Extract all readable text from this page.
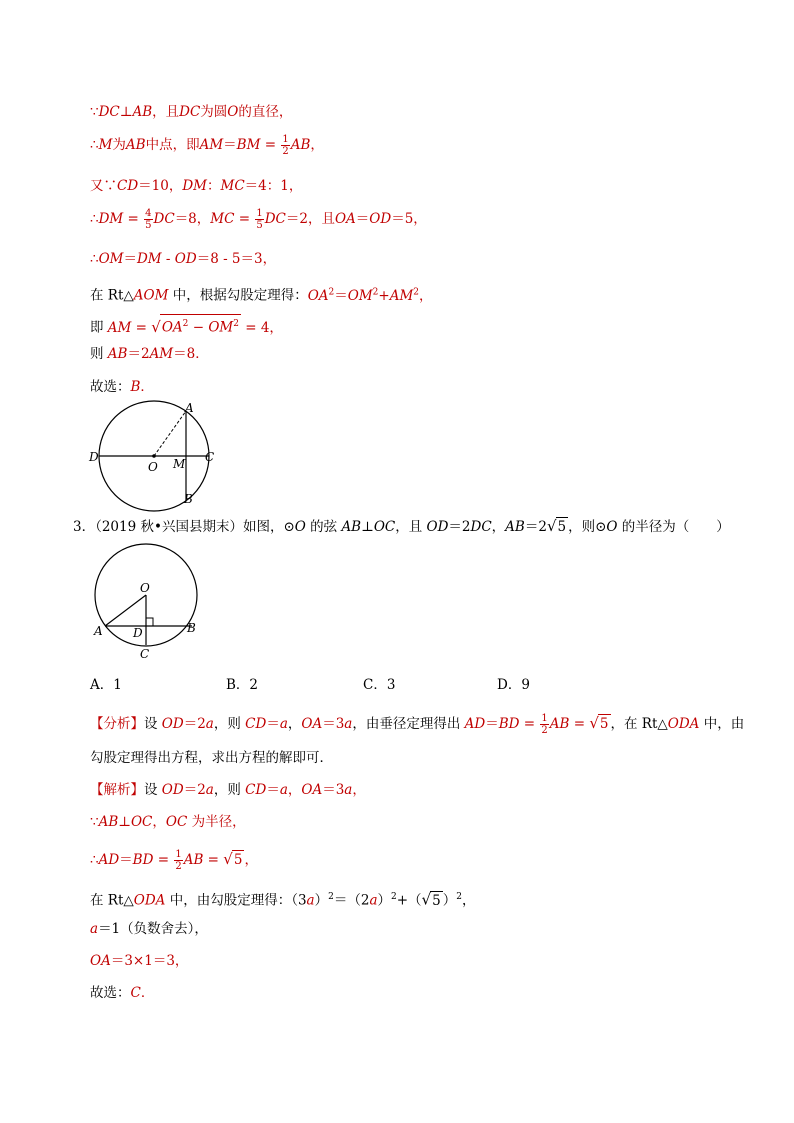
∵DC⊥AB，且DC为圆O的直径，
∴M为AB中点，即$AM=BM = \frac{1}{2}$ AB，
又∵CD＝10，DM：MC＝4：1，
∴DM = $\frac{4}{5} DC=8$，MC = $\frac{1}{5} DC=2$，且OA＝OD＝5，
∴OM＝DM - OD＝8 - 5＝3，
在 Rt△AOM 中，根据勾股定理得：$OA^2=OM^2+AM^2$，
即 AM = $√OA^2 - OM^2 = 4$，
则 AB＝2AM＝8．
故选：B．
A
B
C
D
O M
3．（2019 秋•兴国县期末）如图，⊙O 的弦 AB⊥OC，且 OD＝2DC，AB＝2√5 ，则⊙O 的半径为（　　）
O
A	B
C
D
A．1	B．2	C．3	D．9
【分析】设 OD＝2a，则 CD＝a，OA＝3a，由垂径定理得出 $AD=BD = \frac{1}{2}$ AB = √5 ，在 Rt△ODA 中，由
勾股定理得出方程，求出方程的解即可．
【解析】设 OD＝2a，则 CD＝a，OA＝3a，
∵AB⊥OC，OC 为半径，
∴AD＝BD = $\frac{1}{2}$ AB = √5 ，
在 Rt△ODA 中，由勾股定理得：$(3a)^2=(2a)^2+(√5$ ）$^2$，
a＝1（负数舍去），
OA＝3×1＝3，
故选：C．
